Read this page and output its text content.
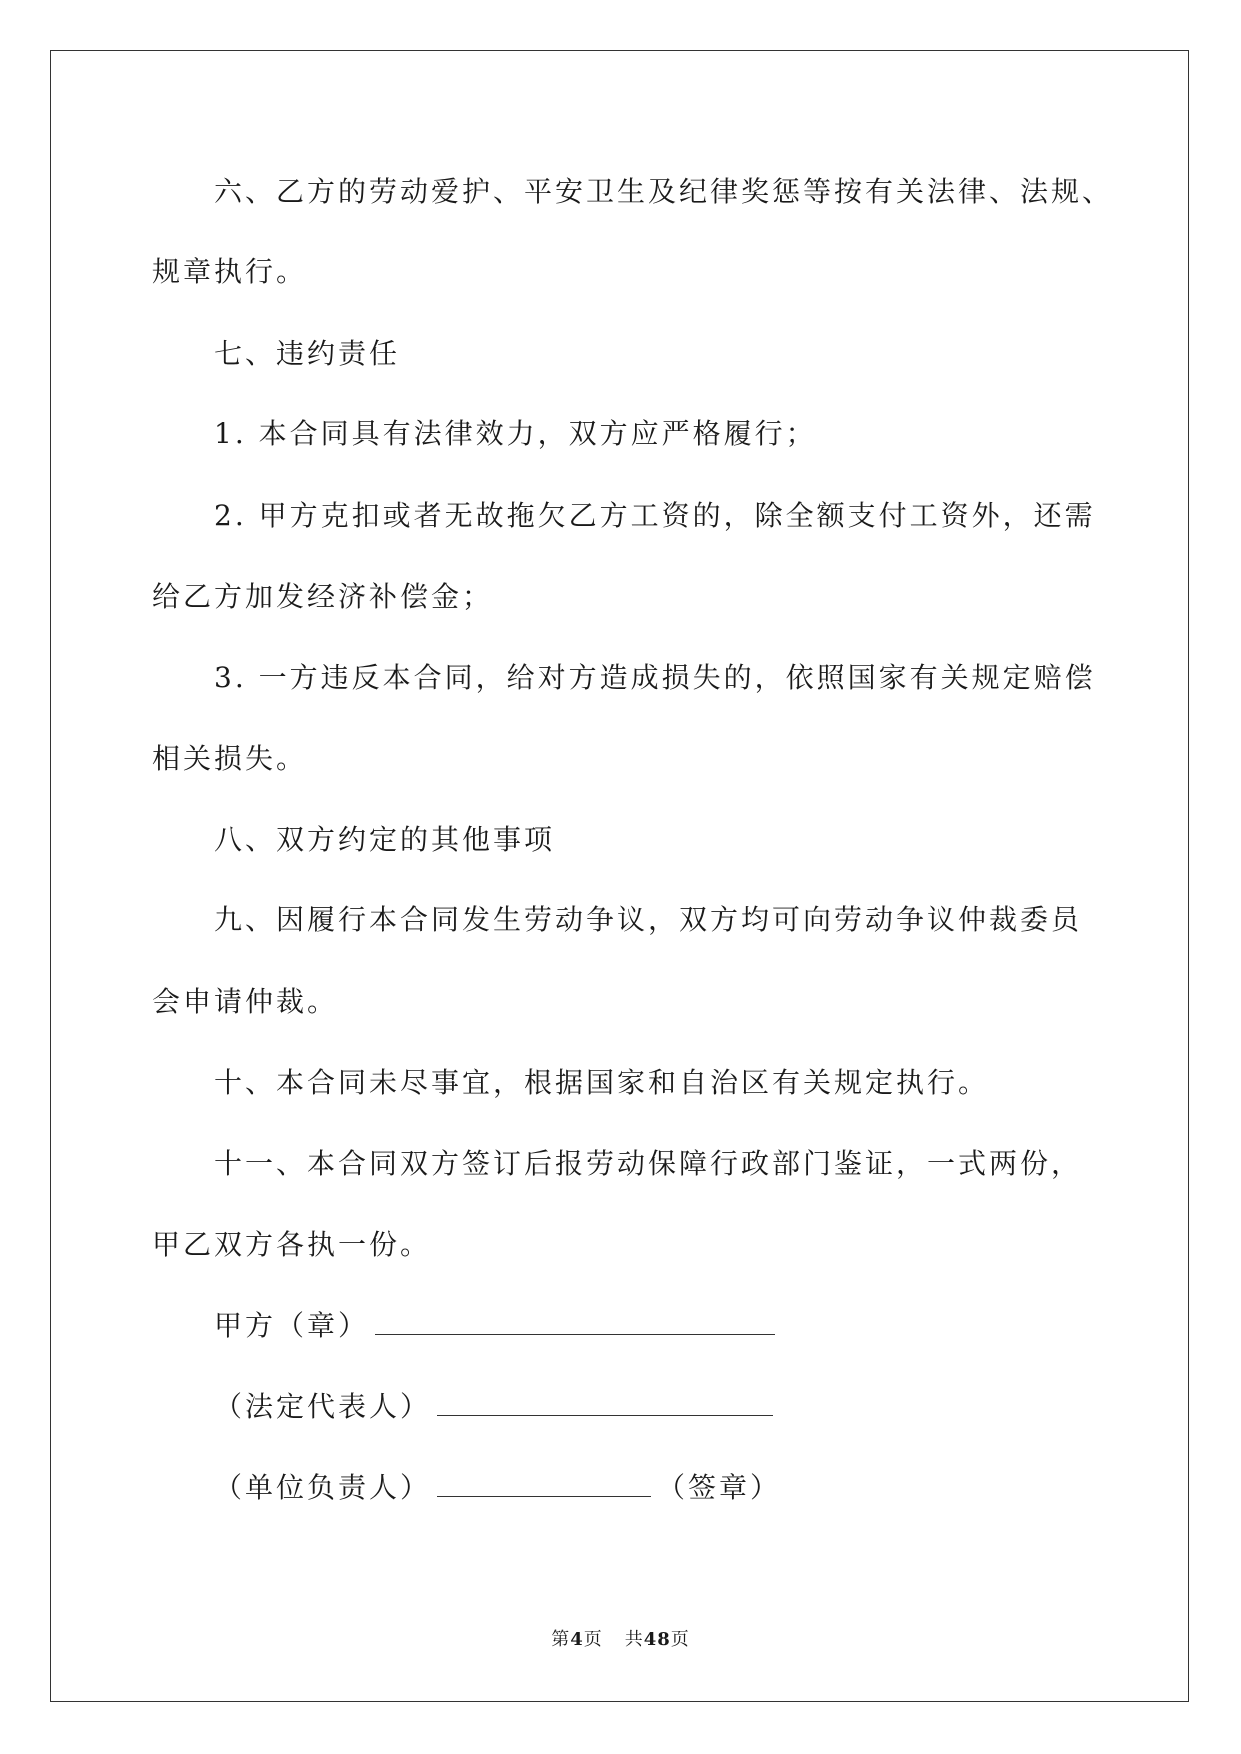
六、乙方的劳动爱护、平安卫生及纪律奖惩等按有关法律、法规、
规章执行。
七、违约责任
1. 本合同具有法律效力，双方应严格履行；
2. 甲方克扣或者无故拖欠乙方工资的，除全额支付工资外，还需
给乙方加发经济补偿金；
3. 一方违反本合同，给对方造成损失的，依照国家有关规定赔偿
相关损失。
八、双方约定的其他事项
九、因履行本合同发生劳动争议，双方均可向劳动争议仲裁委员
会申请仲裁。
十、本合同未尽事宜，根据国家和自治区有关规定执行。
十一、本合同双方签订后报劳动保障行政部门鉴证，一式两份，
甲乙双方各执一份。
甲方（章）
（法定代表人）
（单位负责人）	（签章）
第4页 共48页
